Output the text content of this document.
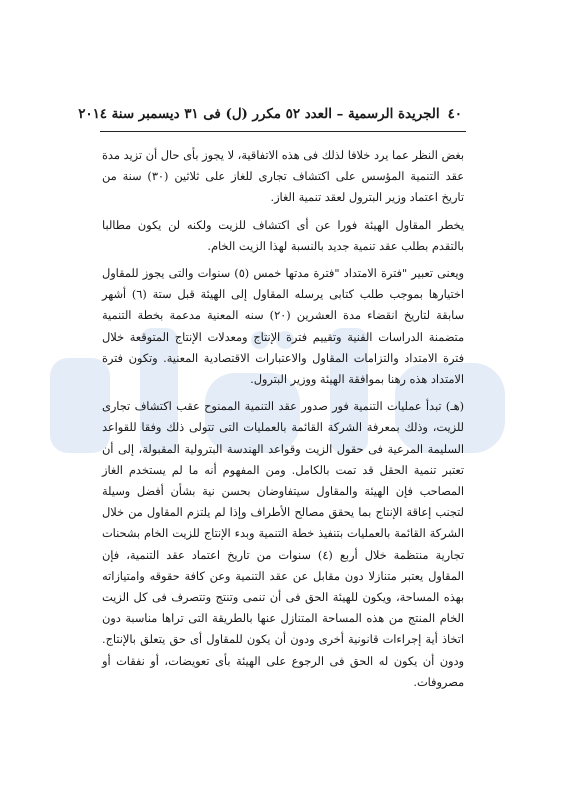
٤٠
الجريدة الرسمية – العدد ٥٢ مكرر (ل) فى ٣١ ديسمبر سنة ٢٠١٤

بغض النظر عما يرد خلافا لذلك فى هذه الاتفاقية، لا يجوز بأى حال أن تزيد مدة عقد التنمية المؤسس على اكتشاف تجارى للغاز على ثلاثين (٣٠) سنة من تاريخ اعتماد وزير البترول لعقد تنمية الغاز.

يخطر المقاول الهيئة فورا عن أى اكتشاف للزيت ولكنه لن يكون مطالبا بالتقدم بطلب عقد تنمية جديد بالنسبة لهذا الزيت الخام.

ويعنى تعبير "فترة الامتداد "فترة مدتها خمس (٥) سنوات والتى يجوز للمقاول اختيارها بموجب طلب كتابى يرسله المقاول إلى الهيئة قبل ستة (٦) أشهر سابقة لتاريخ انقضاء مدة العشرين (٢٠) سنه المعنية مدعمة بخطة التنمية متضمنة الدراسات الفنية وتقييم فترة الإنتاج ومعدلات الإنتاج المتوقعة خلال فترة الامتداد والتزامات المقاول والاعتبارات الاقتصادية المعنية. وتكون فترة الامتداد هذه رهنا بموافقة الهيئة ووزير البترول.

(هـ) تبدأ عمليات التنمية فور صدور عقد التنمية الممنوح عقب اكتشاف تجارى للزيت، وذلك بمعرفة الشركة القائمة بالعمليات التى تتولى ذلك وفقا للقواعد السليمة المرعية فى حقول الزيت وقواعد الهندسة البترولية المقبولة، إلى أن تعتبر تنمية الحقل قد تمت بالكامل. ومن المفهوم أنه ما لم يستخدم الغاز المصاحب فإن الهيئة والمقاول سيتفاوضان بحسن نية بشأن أفضل وسيلة لتجنب إعاقة الإنتاج بما يحقق مصالح الأطراف وإذا لم يلتزم المقاول من خلال الشركة القائمة بالعمليات بتنفيذ خطة التنمية وبدء الإنتاج للزيت الخام بشحنات تجارية منتظمة خلال أربع (٤) سنوات من تاريخ اعتماد عقد التنمية، فإن المقاول يعتبر متنازلا دون مقابل عن عقد التنمية وعن كافة حقوقه وامتيازاته بهذه المساحة، ويكون للهيئة الحق فى أن تنمى وتنتج وتتصرف فى كل الزيت الخام المنتج من هذه المساحة المتنازل عنها بالطريقة التى تراها مناسبة دون اتخاذ أية إجراءات قانونية أخرى ودون أن يكون للمقاول أى حق يتعلق بالإنتاج. ودون أن يكون له الحق فى الرجوع على الهيئة بأى تعويضات، أو نفقات أو مصروفات.
